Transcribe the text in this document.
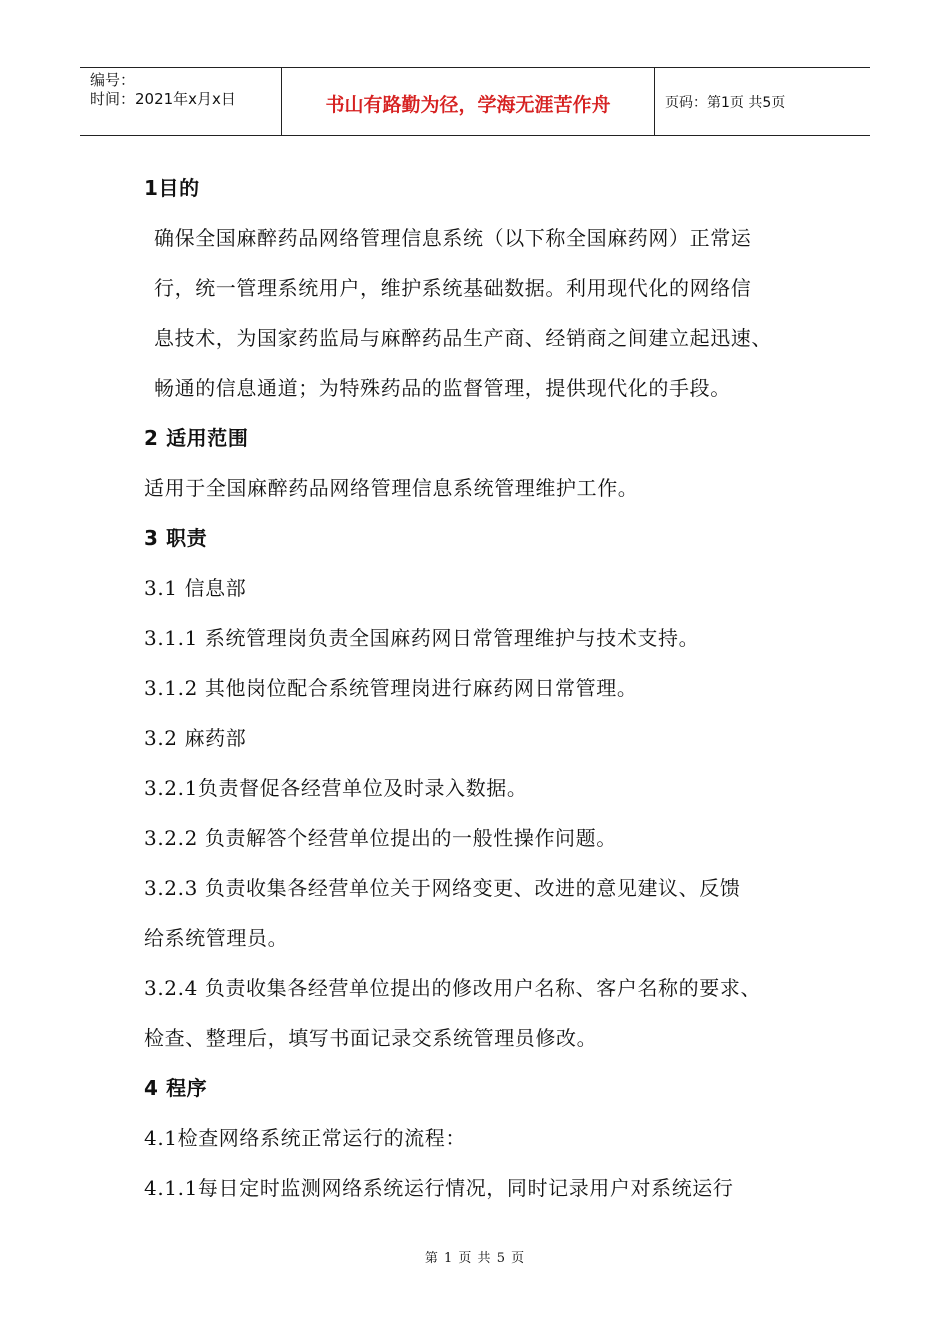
编号：
时间：2021年x月x日	书山有路勤为径，学海无涯苦作舟	页码：第1页 共5页
1目的
确保全国麻醉药品网络管理信息系统（以下称全国麻药网）正常运
行，统一管理系统用户，维护系统基础数据。利用现代化的网络信
息技术，为国家药监局与麻醉药品生产商、经销商之间建立起迅速、
畅通的信息通道；为特殊药品的监督管理，提供现代化的手段。
2 适用范围
适用于全国麻醉药品网络管理信息系统管理维护工作。
3 职责
3.1 信息部
3.1.1 系统管理岗负责全国麻药网日常管理维护与技术支持。
3.1.2 其他岗位配合系统管理岗进行麻药网日常管理。
3.2 麻药部
3.2.1负责督促各经营单位及时录入数据。
3.2.2 负责解答个经营单位提出的一般性操作问题。
3.2.3 负责收集各经营单位关于网络变更、改进的意见建议、反馈
给系统管理员。
3.2.4 负责收集各经营单位提出的修改用户名称、客户名称的要求、
检查、整理后，填写书面记录交系统管理员修改。
4 程序
4.1检查网络系统正常运行的流程：
4.1.1每日定时监测网络系统运行情况，同时记录用户对系统运行
第 1 页 共 5 页
